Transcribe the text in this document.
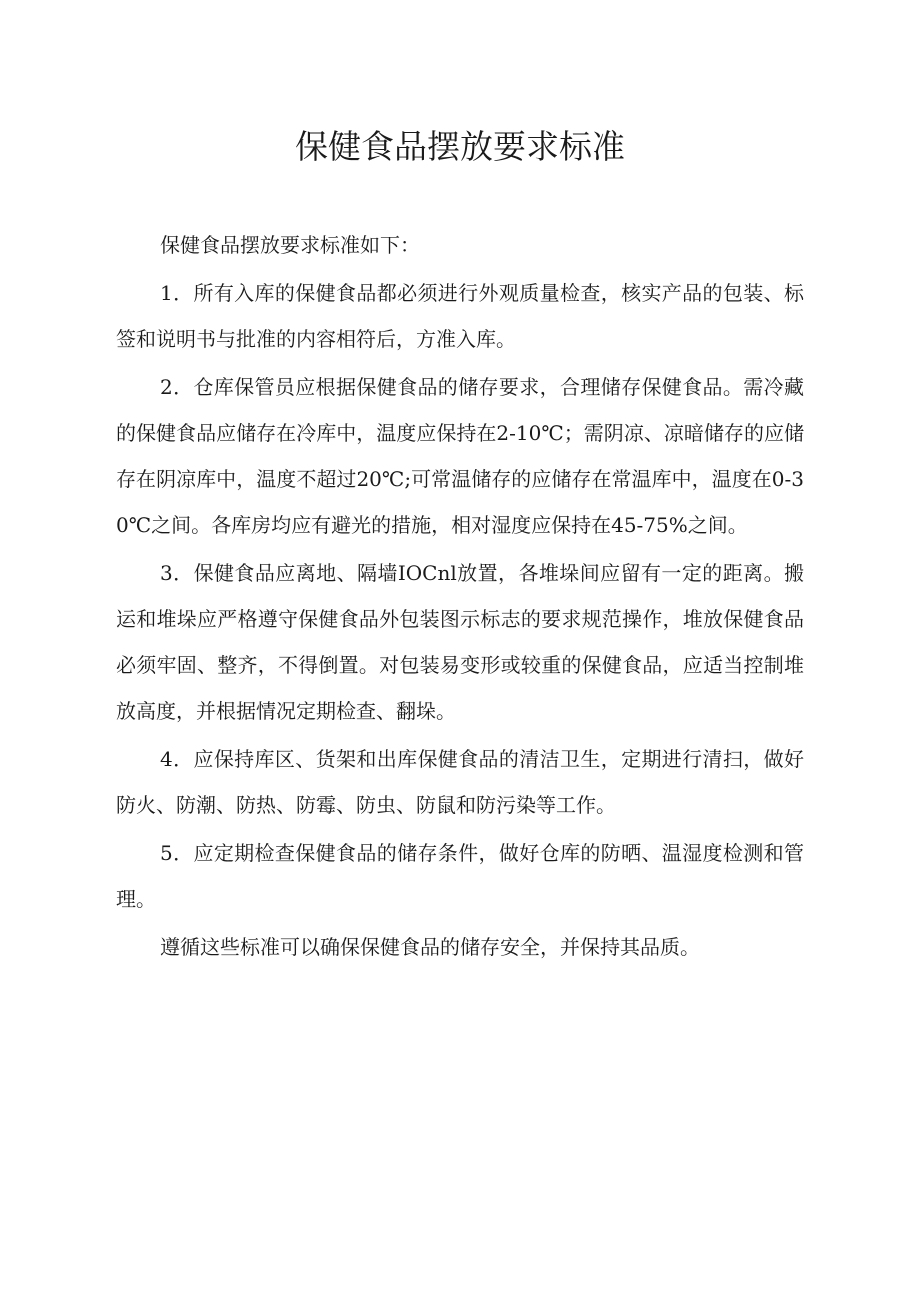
保健食品摆放要求标准

保健食品摆放要求标准如下：

1．所有入库的保健食品都必须进行外观质量检查，核实产品的包装、标签和说明书与批准的内容相符后，方准入库。

2．仓库保管员应根据保健食品的储存要求，合理储存保健食品。需冷藏的保健食品应储存在冷库中，温度应保持在2-10℃；需阴凉、凉暗储存的应储存在阴凉库中，温度不超过20℃;可常温储存的应储存在常温库中，温度在0-30℃之间。各库房均应有避光的措施，相对湿度应保持在45-75%之间。

3．保健食品应离地、隔墙IOCnl放置，各堆垛间应留有一定的距离。搬运和堆垛应严格遵守保健食品外包装图示标志的要求规范操作，堆放保健食品必须牢固、整齐，不得倒置。对包装易变形或较重的保健食品，应适当控制堆放高度，并根据情况定期检查、翻垛。

4．应保持库区、货架和出库保健食品的清洁卫生，定期进行清扫，做好防火、防潮、防热、防霉、防虫、防鼠和防污染等工作。

5．应定期检查保健食品的储存条件，做好仓库的防晒、温湿度检测和管理。

遵循这些标准可以确保保健食品的储存安全，并保持其品质。
